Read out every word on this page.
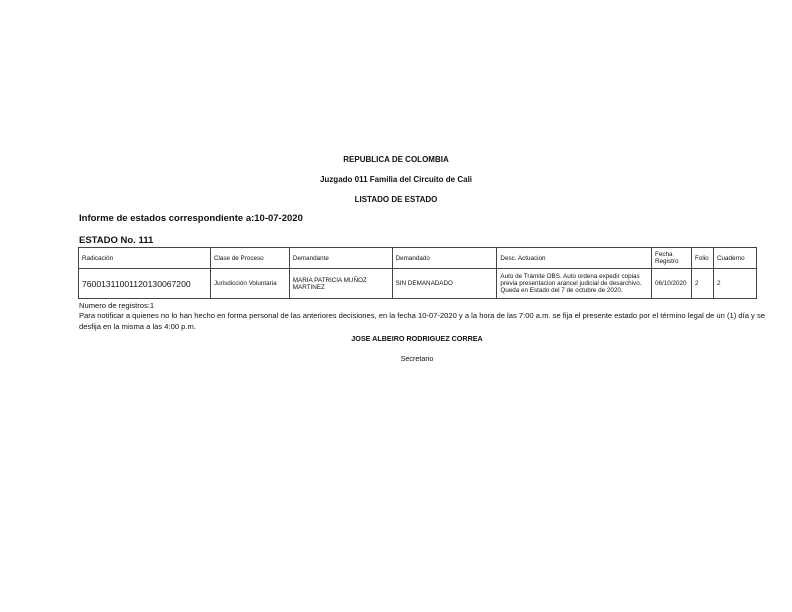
REPUBLICA DE COLOMBIA
Juzgado 011 Familia del Circuito de Cali
LISTADO DE ESTADO
Informe de estados correspondiente a:10-07-2020
ESTADO No. 111
Radicación	Clase de Proceso	Demandante	Demandado	Desc. Actuacion	Fecha Registro	Folio	Cuaderno
76001311001120130067200	Jurisdicción Voluntaria	MARIA PATRICIA MUÑOZ MARTINEZ	SIN DEMANADADO	Auto de Trámite OBS. Auto ordena expedir copias previa presentacion arancel judicial de desarchivo. Queda en Estado del 7 de octubre de 2020.	06/10/2020	2	2
Numero de registros:1
Para notificar a quienes no lo han hecho en forma personal de las anteriores decisiones, en la fecha 10-07-2020 y a la hora de las 7:00 a.m. se fija el presente estado por el término legal de un (1) día y se desfija en la misma a las 4:00 p.m.
JOSE ALBEIRO RODRIGUEZ CORREA
Secretario
